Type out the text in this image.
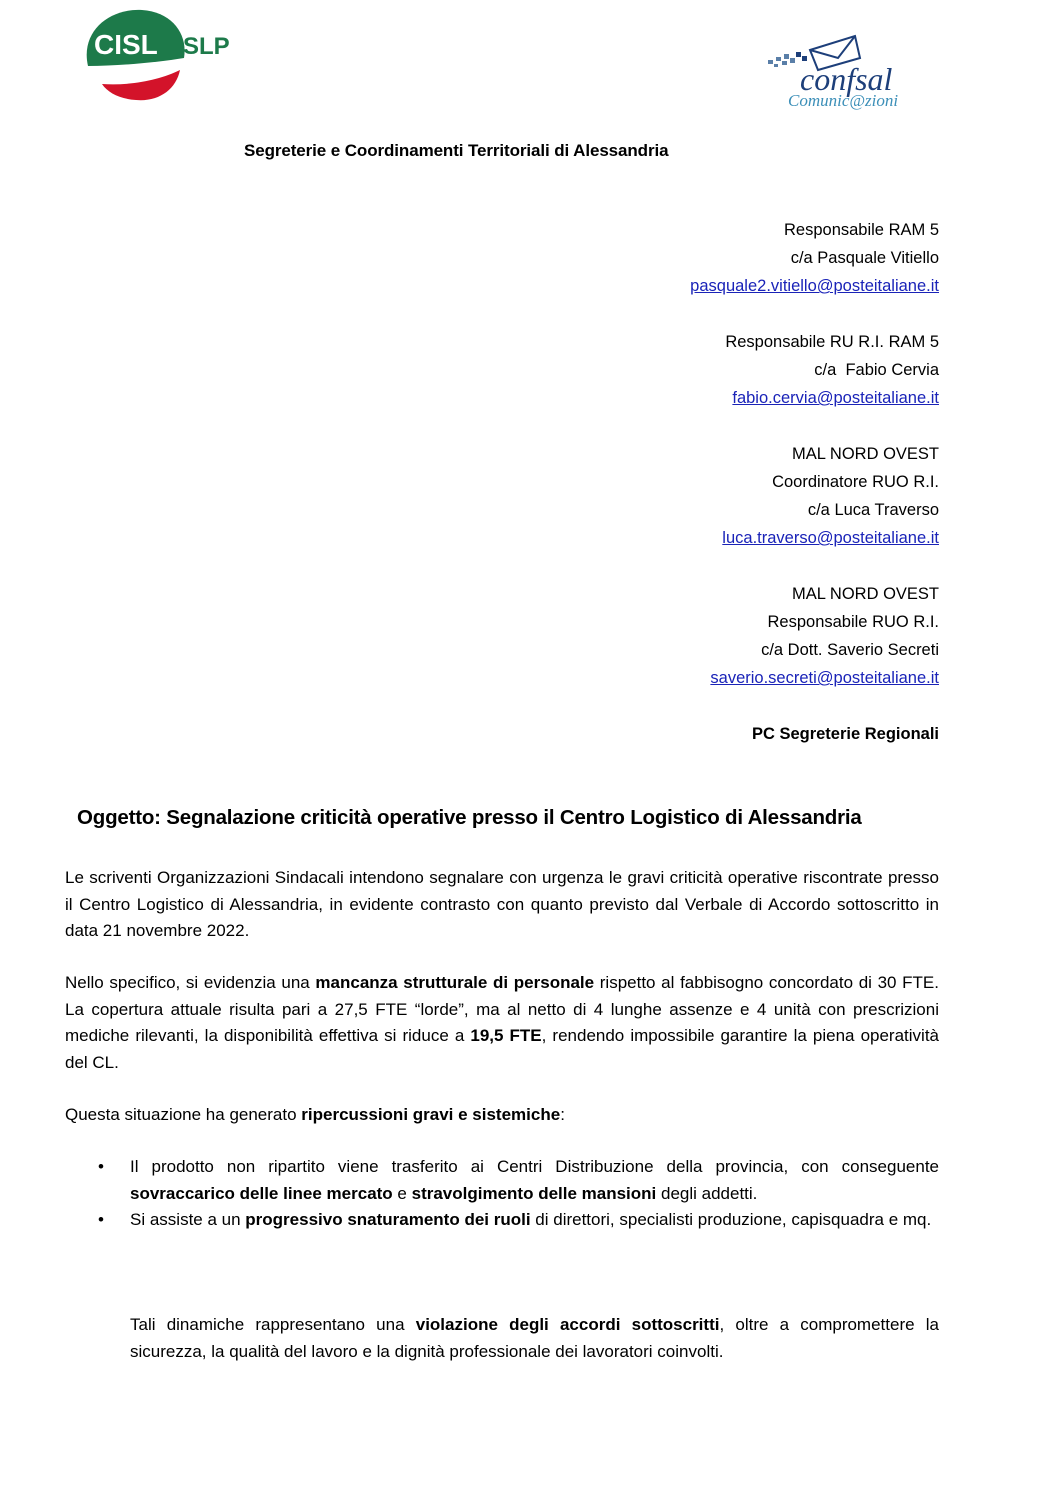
CISL SLP
confsal
Comunic@zioni
Segreterie e Coordinamenti Territoriali di Alessandria
Responsabile RAM 5
c/a Pasquale Vitiello
pasquale2.vitiello@posteitaliane.it
Responsabile RU R.I. RAM 5
c/a  Fabio Cervia
fabio.cervia@posteitaliane.it
MAL NORD OVEST
Coordinatore RUO R.I.
c/a Luca Traverso
luca.traverso@posteitaliane.it
MAL NORD OVEST
Responsabile RUO R.I.
c/a Dott. Saverio Secreti
saverio.secreti@posteitaliane.it
PC Segreterie Regionali
Oggetto: Segnalazione criticità operative presso il Centro Logistico di Alessandria
Le scriventi Organizzazioni Sindacali intendono segnalare con urgenza le gravi criticità operative riscontrate presso il Centro Logistico di Alessandria, in evidente contrasto con quanto previsto dal Verbale di Accordo sottoscritto in data 21 novembre 2022.
Nello specifico, si evidenzia una mancanza strutturale di personale rispetto al fabbisogno concordato di 30 FTE. La copertura attuale risulta pari a 27,5 FTE “lorde”, ma al netto di 4 lunghe assenze e 4 unità con prescrizioni mediche rilevanti, la disponibilità effettiva si riduce a 19,5 FTE, rendendo impossibile garantire la piena operatività del CL.
Questa situazione ha generato ripercussioni gravi e sistemiche:
• Il prodotto non ripartito viene trasferito ai Centri Distribuzione della provincia, con conseguente sovraccarico delle linee mercato e stravolgimento delle mansioni degli addetti.
• Si assiste a un progressivo snaturamento dei ruoli di direttori, specialisti produzione, capisquadra e mq.
Tali dinamiche rappresentano una violazione degli accordi sottoscritti, oltre a compromettere la sicurezza, la qualità del lavoro e la dignità professionale dei lavoratori coinvolti.
